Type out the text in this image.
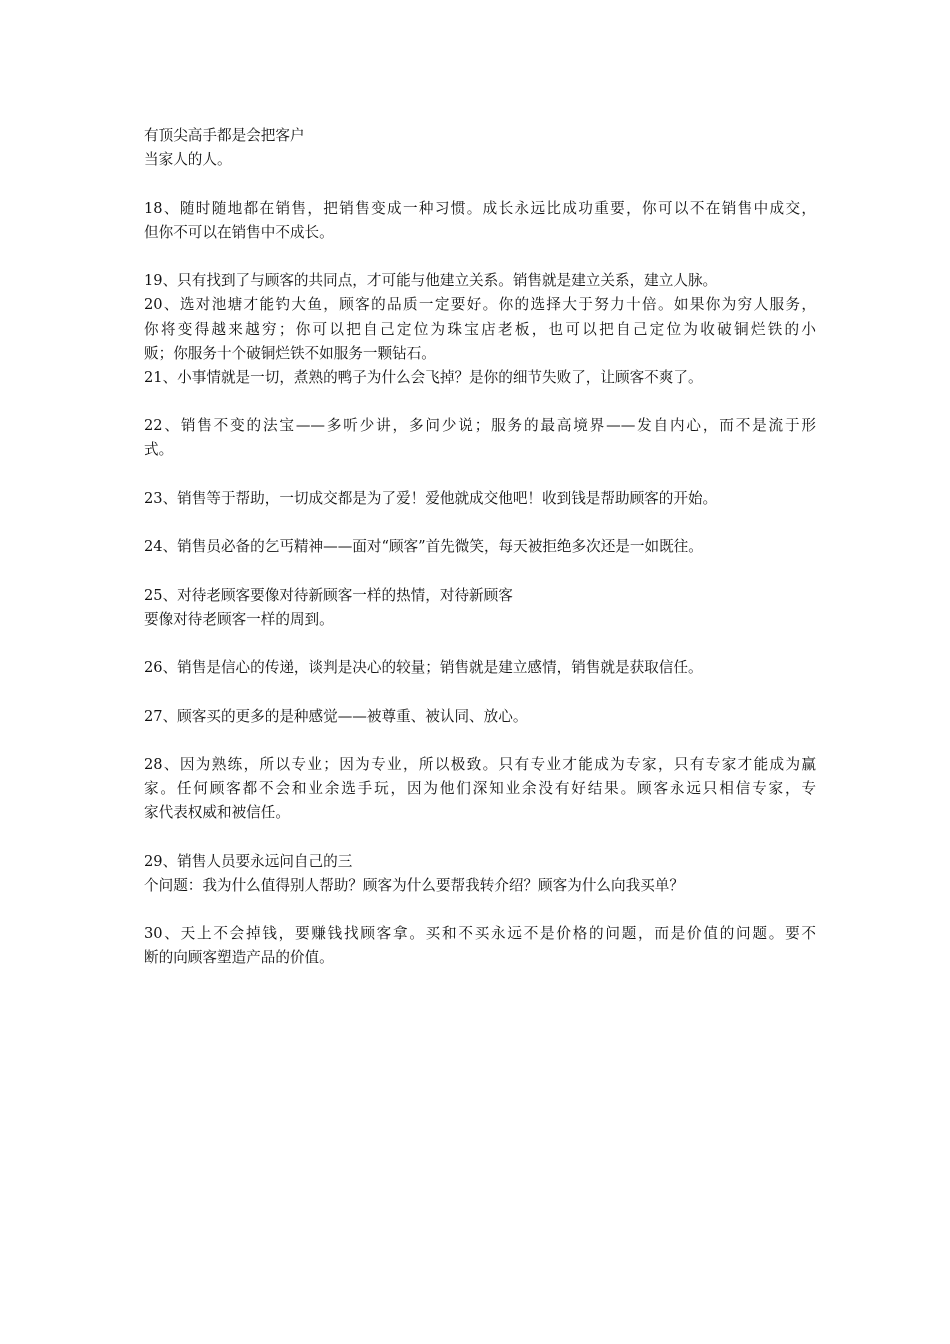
有顶尖高手都是会把客户
当家人的人。
18、随时随地都在销售，把销售变成一种习惯。成长永远比成功重要，你可以不在销售中成交，
但你不可以在销售中不成长。
19、只有找到了与顾客的共同点，才可能与他建立关系。销售就是建立关系，建立人脉。
20、选对池塘才能钓大鱼，顾客的品质一定要好。你的选择大于努力十倍。如果你为穷人服务，
你将变得越来越穷；你可以把自己定位为珠宝店老板，也可以把自己定位为收破铜烂铁的小
贩；你服务十个破铜烂铁不如服务一颗钻石。
21、小事情就是一切，煮熟的鸭子为什么会飞掉？是你的细节失败了，让顾客不爽了。
22、销售不变的法宝——多听少讲，多问少说；服务的最高境界——发自内心，而不是流于形
式。
23、销售等于帮助，一切成交都是为了爱！爱他就成交他吧！收到钱是帮助顾客的开始。
24、销售员必备的乞丐精神——面对“顾客”首先微笑，每天被拒绝多次还是一如既往。
25、对待老顾客要像对待新顾客一样的热情，对待新顾客
要像对待老顾客一样的周到。
26、销售是信心的传递，谈判是决心的较量；销售就是建立感情，销售就是获取信任。
27、顾客买的更多的是种感觉——被尊重、被认同、放心。
28、因为熟练，所以专业；因为专业，所以极致。只有专业才能成为专家，只有专家才能成为赢
家。任何顾客都不会和业余选手玩，因为他们深知业余没有好结果。顾客永远只相信专家，专
家代表权威和被信任。
29、销售人员要永远问自己的三
个问题：我为什么值得别人帮助？顾客为什么要帮我转介绍？顾客为什么向我买单？
30、天上不会掉钱，要赚钱找顾客拿。买和不买永远不是价格的问题，而是价值的问题。要不
断的向顾客塑造产品的价值。
